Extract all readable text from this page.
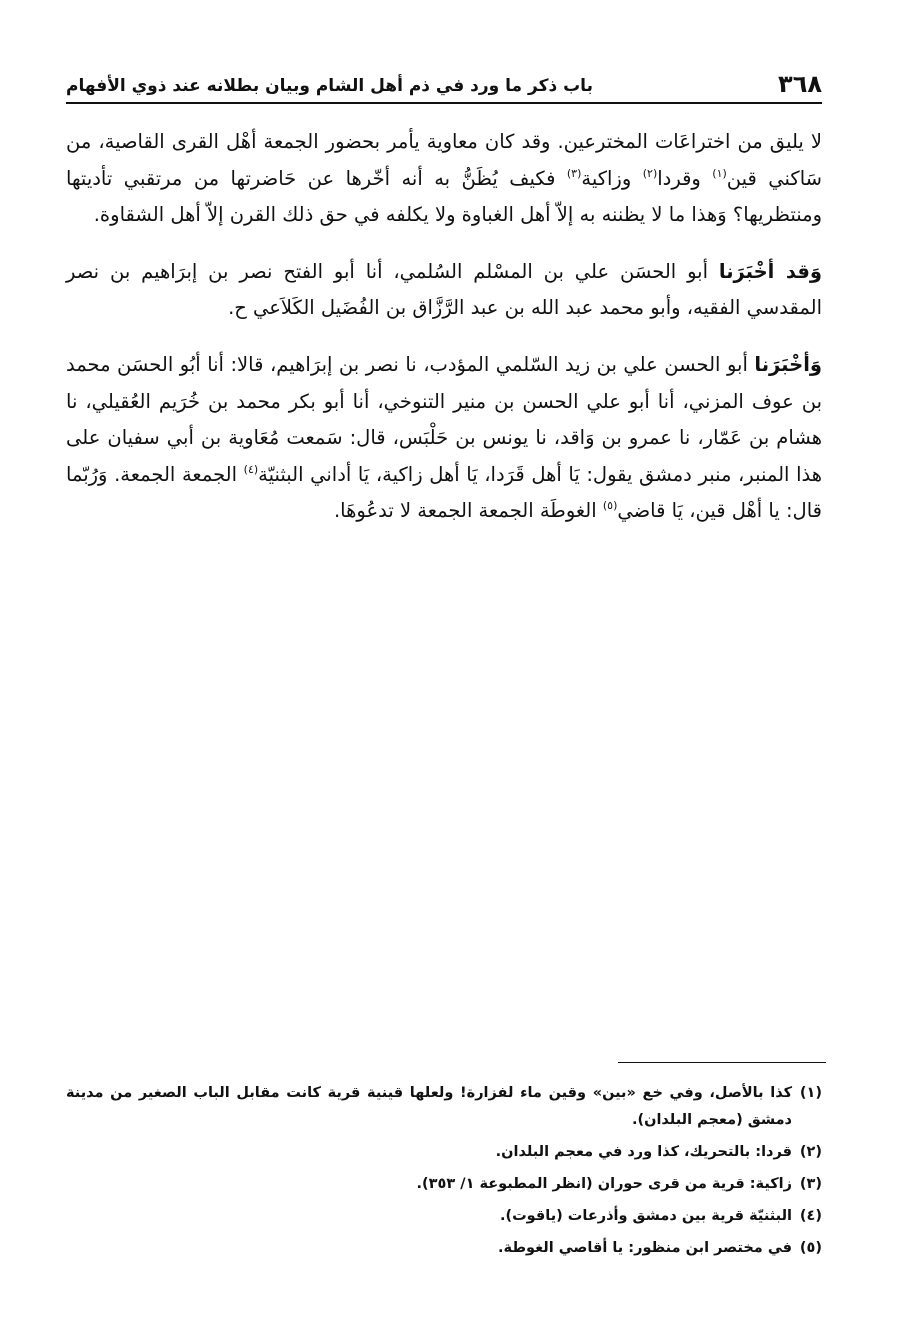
٣٦٨
باب ذكر ما ورد في ذم أهل الشام وبيان بطلانه عند ذوي الأفهام

لا يليق من اختراعَات المخترعين. وقد كان معاوية يأمر بحضور الجمعة أهْل القرى القاصية، من سَاكني قين$^{(١)}$ وقردا$^{(٢)}$ وزاكية$^{(٣)}$ فكيف يُظَنُّ به أنه أخّرها عن حَاضرتها من مرتقبي تأديتها ومنتظريها؟ وَهذا ما لا يظننه به إلاّ أهل الغباوة ولا يكلفه في حق ذلك القرن إلاّ أهل الشقاوة.

وَقد أخْبَرَنا أبو الحسَن علي بن المسْلم السُلمي، أنا أبو الفتح نصر بن إبرَاهيم بن نصر المقدسي الفقيه، وأبو محمد عبد الله بن عبد الرَّزَّاق بن الفُضَيل الكَلاَعي ح.

وَأخْبَرَنا أبو الحسن علي بن زيد السّلمي المؤدب، نا نصر بن إبرَاهيم، قالا: أنا أبُو الحسَن محمد بن عوف المزني، أنا أبو علي الحسن بن منير التنوخي، أنا أبو بكر محمد بن خُرَيم العُقيلي، نا هشام بن عَمّار، نا عمرو بن وَاقد، نا يونس بن حَلْبَس، قال: سَمعت مُعَاوية بن أبي سفيان على هذا المنبر، منبر دمشق يقول: يَا أهل قَرَدا، يَا أهل زاكية، يَا أداني البثنيّة$^{(٤)}$ الجمعة الجمعة. وَرُبّما قال: يا أهْل قين، يَا قاضي$^{(٥)}$ الغوطَة الجمعة الجمعة لا تدعُوهَا.

(١)
كذا بالأصل، وفي خع «بين» وقين ماء لفزارة! ولعلها قينية قرية كانت مقابل الباب الصغير من مدينة دمشق (معجم البلدان).
(٢)
قردا: بالتحريك، كذا ورد في معجم البلدان.
(٣)
زاكية: قرية من قرى حوران (انظر المطبوعة ١/ ٣٥٣).
(٤)
البثنيّة قرية بين دمشق وأذرعات (ياقوت).
(٥)
في مختصر ابن منظور: يا أقاصي الغوطة.
